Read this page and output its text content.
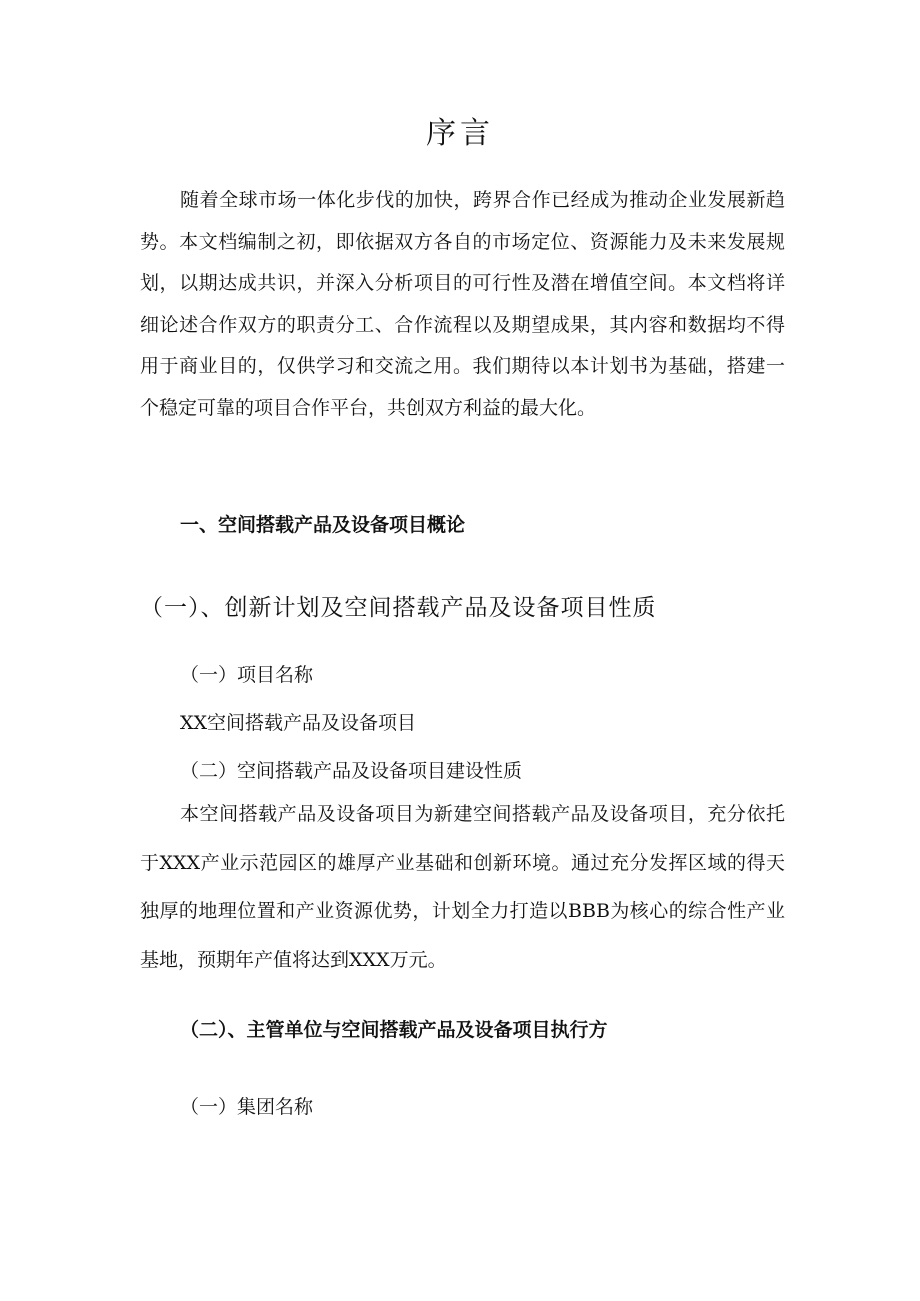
序言
随着全球市场一体化步伐的加快，跨界合作已经成为推动企业发展新趋势。本文档编制之初，即依据双方各自的市场定位、资源能力及未来发展规划，以期达成共识，并深入分析项目的可行性及潜在增值空间。本文档将详细论述合作双方的职责分工、合作流程以及期望成果，其内容和数据均不得用于商业目的，仅供学习和交流之用。我们期待以本计划书为基础，搭建一个稳定可靠的项目合作平台，共创双方利益的最大化。
一、空间搭载产品及设备项目概论
（一）、创新计划及空间搭载产品及设备项目性质
（一）项目名称
XX空间搭载产品及设备项目
（二）空间搭载产品及设备项目建设性质
本空间搭载产品及设备项目为新建空间搭载产品及设备项目，充分依托于XXX产业示范园区的雄厚产业基础和创新环境。通过充分发挥区域的得天独厚的地理位置和产业资源优势，计划全力打造以BBB为核心的综合性产业基地，预期年产值将达到XXX万元。
（二）、主管单位与空间搭载产品及设备项目执行方
（一）集团名称
